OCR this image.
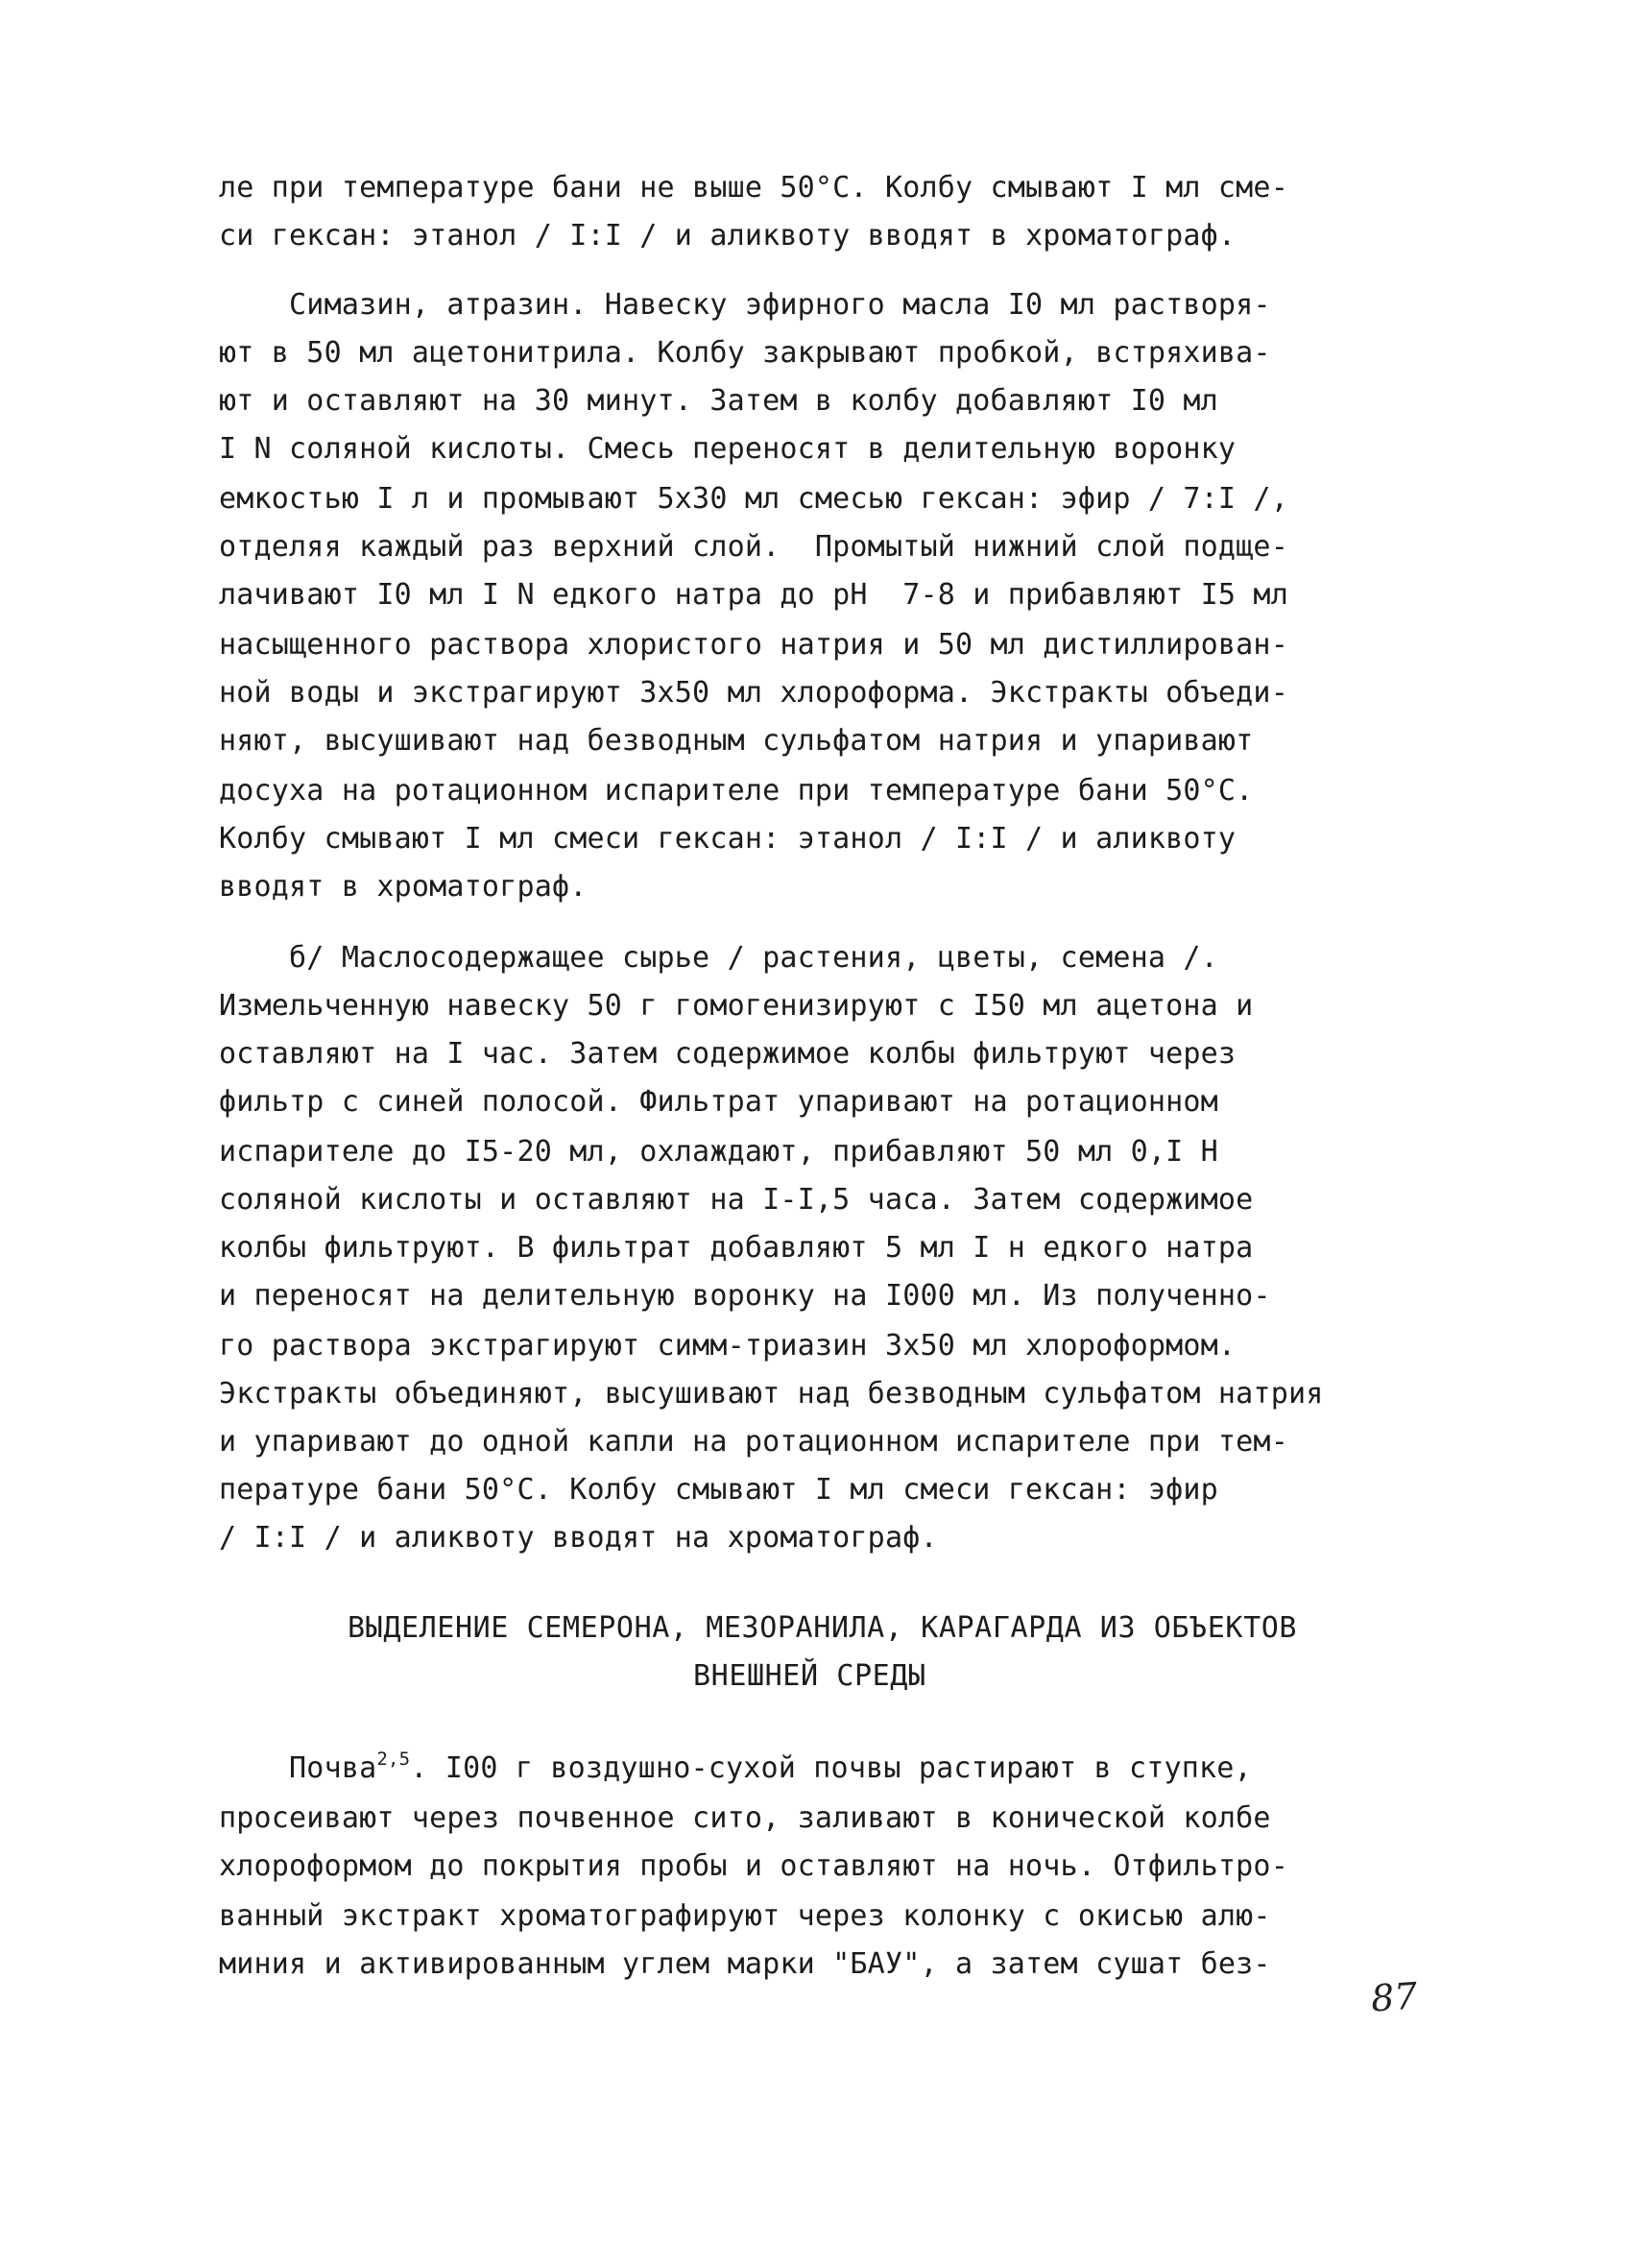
ле при температуре бани не выше 50°С. Колбу смывают I мл сме-
си гексан: этанол / I:I / и аликвоту вводят в хроматограф.
Симазин, атразин. Навеску эфирного масла I0 мл растворя-
ют в 50 мл ацетонитрила. Колбу закрывают пробкой, встряхива-
ют и оставляют на 30 минут. Затем в колбу добавляют I0 мл
I N соляной кислоты. Смесь переносят в делительную воронку
емкостью I л и промывают 5х30 мл смесью гексан: эфир / 7:I /,
отделяя каждый раз верхний слой.  Промытый нижний слой подще-
лачивают I0 мл I N едкого натра до рН  7-8 и прибавляют I5 мл
насыщенного раствора хлористого натрия и 50 мл дистиллирован-
ной воды и экстрагируют 3х50 мл хлороформа. Экстракты объеди-
няют, высушивают над безводным сульфатом натрия и упаривают
досуха на ротационном испарителе при температуре бани 50°С.
Колбу смывают I мл смеси гексан: этанол / I:I / и аликвоту
вводят в хроматограф.
б/ Маслосодержащее сырье / растения, цветы, семена /.
Измельченную навеску 50 г гомогенизируют с I50 мл ацетона и
оставляют на I час. Затем содержимое колбы фильтруют через
фильтр с синей полосой. Фильтрат упаривают на ротационном
испарителе до I5-20 мл, охлаждают, прибавляют 50 мл 0,I Н
соляной кислоты и оставляют на I-I,5 часа. Затем содержимое
колбы фильтруют. В фильтрат добавляют 5 мл I н едкого натра
и переносят на делительную воронку на I000 мл. Из полученно-
го раствора экстрагируют симм-триазин 3х50 мл хлороформом.
Экстракты объединяют, высушивают над безводным сульфатом натрия
и упаривают до одной капли на ротационном испарителе при тем-
пературе бани 50°С. Колбу смывают I мл смеси гексан: эфир
/ I:I / и аликвоту вводят на хроматограф.
ВЫДЕЛЕНИЕ СЕМЕРОНА, МЕЗОРАНИЛА, КАРАГАРДА ИЗ ОБЪЕКТОВ
ВНЕШНЕЙ СРЕДЫ
Почва$^{2,5}$. I00 г воздушно-сухой почвы растирают в ступке,
просеивают через почвенное сито, заливают в конической колбе
хлороформом до покрытия пробы и оставляют на ночь. Отфильтро-
ванный экстракт хроматографируют через колонку с окисью алю-
миния и активированным углем марки "БАУ", а затем сушат без-
87
